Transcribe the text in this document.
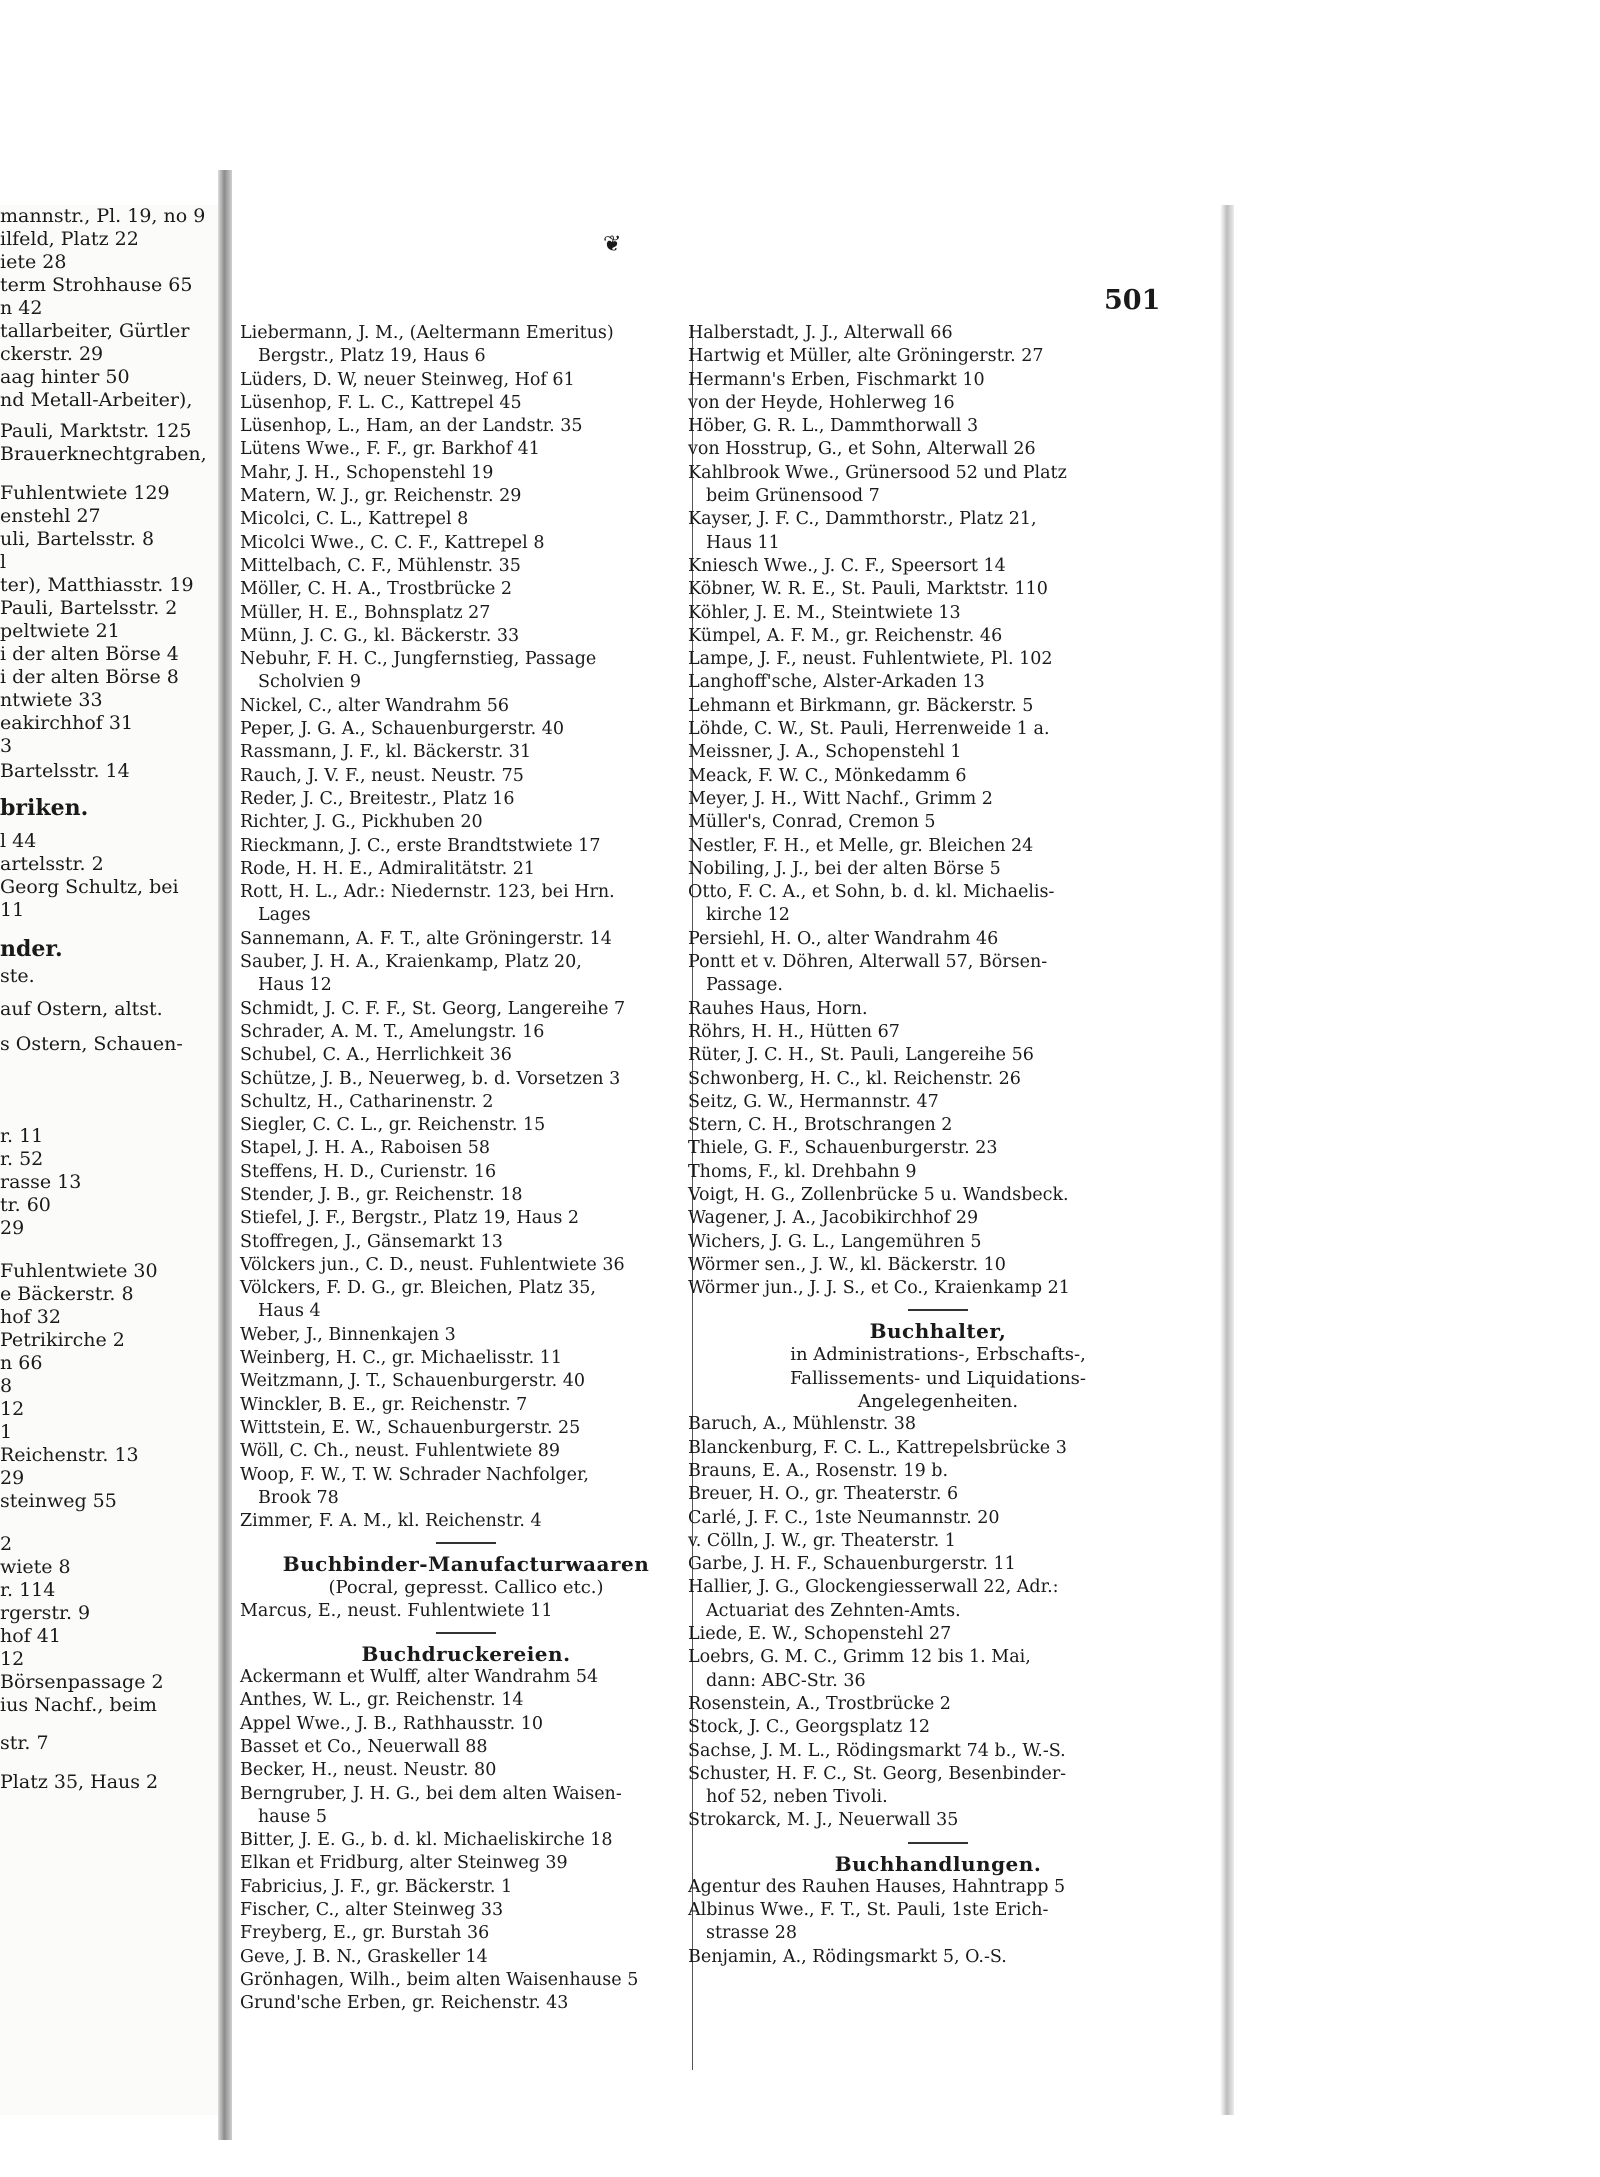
mannstr., Pl. 19, no 9
ilfeld, Platz 22
iete 28
term Strohhause 65
n 42
tallarbeiter, Gürtler
ckerstr. 29
aag hinter 50
nd Metall-Arbeiter),
Pauli, Marktstr. 125
Brauerknechtgraben,
Fuhlentwiete 129
enstehl 27
uli, Bartelsstr. 8
l
ter), Matthiasstr. 19
Pauli, Bartelsstr. 2
peltwiete 21
i der alten Börse 4
i der alten Börse 8
ntwiete 33
eakirchhof 31
3
Bartelsstr. 14
briken.
l 44
artelsstr. 2
Georg Schultz, bei
11
nder.
ste.
auf Ostern, altst.
s Ostern, Schauen-
r. 11
r. 52
rasse 13
tr. 60
29
Fuhlentwiete 30
e Bäckerstr. 8
hof 32
Petrikirche 2
n 66
8
12
1
Reichenstr. 13
29
steinweg 55
2
wiete 8
r. 114
rgerstr. 9
hof 41
12
Börsenpassage 2
ius Nachf., beim
str. 7
Platz 35, Haus 2
❦
501
Liebermann, J. M., (Aeltermann Emeritus)
Bergstr., Platz 19, Haus 6
Lüders, D. W, neuer Steinweg, Hof 61
Lüsenhop, F. L. C., Kattrepel 45
Lüsenhop, L., Ham, an der Landstr. 35
Lütens Wwe., F. F., gr. Barkhof 41
Mahr, J. H., Schopenstehl 19
Matern, W. J., gr. Reichenstr. 29
Micolci, C. L., Kattrepel 8
Micolci Wwe., C. C. F., Kattrepel 8
Mittelbach, C. F., Mühlenstr. 35
Möller, C. H. A., Trostbrücke 2
Müller, H. E., Bohnsplatz 27
Münn, J. C. G., kl. Bäckerstr. 33
Nebuhr, F. H. C., Jungfernstieg, Passage
Scholvien 9
Nickel, C., alter Wandrahm 56
Peper, J. G. A., Schauenburgerstr. 40
Rassmann, J. F., kl. Bäckerstr. 31
Rauch, J. V. F., neust. Neustr. 75
Reder, J. C., Breitestr., Platz 16
Richter, J. G., Pickhuben 20
Rieckmann, J. C., erste Brandtstwiete 17
Rode, H. H. E., Admiralitätstr. 21
Rott, H. L., Adr.: Niedernstr. 123, bei Hrn.
Lages
Sannemann, A. F. T., alte Gröningerstr. 14
Sauber, J. H. A., Kraienkamp, Platz 20,
Haus 12
Schmidt, J. C. F. F., St. Georg, Langereihe 7
Schrader, A. M. T., Amelungstr. 16
Schubel, C. A., Herrlichkeit 36
Schütze, J. B., Neuerweg, b. d. Vorsetzen 3
Schultz, H., Catharinenstr. 2
Siegler, C. C. L., gr. Reichenstr. 15
Stapel, J. H. A., Raboisen 58
Steffens, H. D., Curienstr. 16
Stender, J. B., gr. Reichenstr. 18
Stiefel, J. F., Bergstr., Platz 19, Haus 2
Stoffregen, J., Gänsemarkt 13
Völckers jun., C. D., neust. Fuhlentwiete 36
Völckers, F. D. G., gr. Bleichen, Platz 35,
Haus 4
Weber, J., Binnenkajen 3
Weinberg, H. C., gr. Michaelisstr. 11
Weitzmann, J. T., Schauenburgerstr. 40
Winckler, B. E., gr. Reichenstr. 7
Wittstein, E. W., Schauenburgerstr. 25
Wöll, C. Ch., neust. Fuhlentwiete 89
Woop, F. W., T. W. Schrader Nachfolger,
Brook 78
Zimmer, F. A. M., kl. Reichenstr. 4
Buchbinder-Manufacturwaaren
(Pocral, gepresst. Callico etc.)
Marcus, E., neust. Fuhlentwiete 11
Buchdruckereien.
Ackermann et Wulff, alter Wandrahm 54
Anthes, W. L., gr. Reichenstr. 14
Appel Wwe., J. B., Rathhausstr. 10
Basset et Co., Neuerwall 88
Becker, H., neust. Neustr. 80
Berngruber, J. H. G., bei dem alten Waisen-
hause 5
Bitter, J. E. G., b. d. kl. Michaeliskirche 18
Elkan et Fridburg, alter Steinweg 39
Fabricius, J. F., gr. Bäckerstr. 1
Fischer, C., alter Steinweg 33
Freyberg, E., gr. Burstah 36
Geve, J. B. N., Graskeller 14
Grönhagen, Wilh., beim alten Waisenhause 5
Grund'sche Erben, gr. Reichenstr. 43
Halberstadt, J. J., Alterwall 66
Hartwig et Müller, alte Gröningerstr. 27
Hermann's Erben, Fischmarkt 10
von der Heyde, Hohlerweg 16
Höber, G. R. L., Dammthorwall 3
von Hosstrup, G., et Sohn, Alterwall 26
Kahlbrook Wwe., Grünersood 52 und Platz
beim Grünensood 7
Kayser, J. F. C., Dammthorstr., Platz 21,
Haus 11
Kniesch Wwe., J. C. F., Speersort 14
Köbner, W. R. E., St. Pauli, Marktstr. 110
Köhler, J. E. M., Steintwiete 13
Kümpel, A. F. M., gr. Reichenstr. 46
Lampe, J. F., neust. Fuhlentwiete, Pl. 102
Langhoff'sche, Alster-Arkaden 13
Lehmann et Birkmann, gr. Bäckerstr. 5
Löhde, C. W., St. Pauli, Herrenweide 1 a.
Meissner, J. A., Schopenstehl 1
Meack, F. W. C., Mönkedamm 6
Meyer, J. H., Witt Nachf., Grimm 2
Müller's, Conrad, Cremon 5
Nestler, F. H., et Melle, gr. Bleichen 24
Nobiling, J. J., bei der alten Börse 5
Otto, F. C. A., et Sohn, b. d. kl. Michaelis-
kirche 12
Persiehl, H. O., alter Wandrahm 46
Pontt et v. Döhren, Alterwall 57, Börsen-
Passage.
Rauhes Haus, Horn.
Röhrs, H. H., Hütten 67
Rüter, J. C. H., St. Pauli, Langereihe 56
Schwonberg, H. C., kl. Reichenstr. 26
Seitz, G. W., Hermannstr. 47
Stern, C. H., Brotschrangen 2
Thiele, G. F., Schauenburgerstr. 23
Thoms, F., kl. Drehbahn 9
Voigt, H. G., Zollenbrücke 5 u. Wandsbeck.
Wagener, J. A., Jacobikirchhof 29
Wichers, J. G. L., Langemühren 5
Wörmer sen., J. W., kl. Bäckerstr. 10
Wörmer jun., J. J. S., et Co., Kraienkamp 21
Buchhalter,
in Administrations-, Erbschafts-,
Fallissements- und Liquidations-
Angelegenheiten.
Baruch, A., Mühlenstr. 38
Blanckenburg, F. C. L., Kattrepelsbrücke 3
Brauns, E. A., Rosenstr. 19 b.
Breuer, H. O., gr. Theaterstr. 6
Carlé, J. F. C., 1ste Neumannstr. 20
v. Cölln, J. W., gr. Theaterstr. 1
Garbe, J. H. F., Schauenburgerstr. 11
Hallier, J. G., Glockengiesserwall 22, Adr.:
Actuariat des Zehnten-Amts.
Liede, E. W., Schopenstehl 27
Loebrs, G. M. C., Grimm 12 bis 1. Mai,
dann: ABC-Str. 36
Rosenstein, A., Trostbrücke 2
Stock, J. C., Georgsplatz 12
Sachse, J. M. L., Rödingsmarkt 74 b., W.-S.
Schuster, H. F. C., St. Georg, Besenbinder-
hof 52, neben Tivoli.
Strokarck, M. J., Neuerwall 35
Buchhandlungen.
Agentur des Rauhen Hauses, Hahntrapp 5
Albinus Wwe., F. T., St. Pauli, 1ste Erich-
strasse 28
Benjamin, A., Rödingsmarkt 5, O.-S.
